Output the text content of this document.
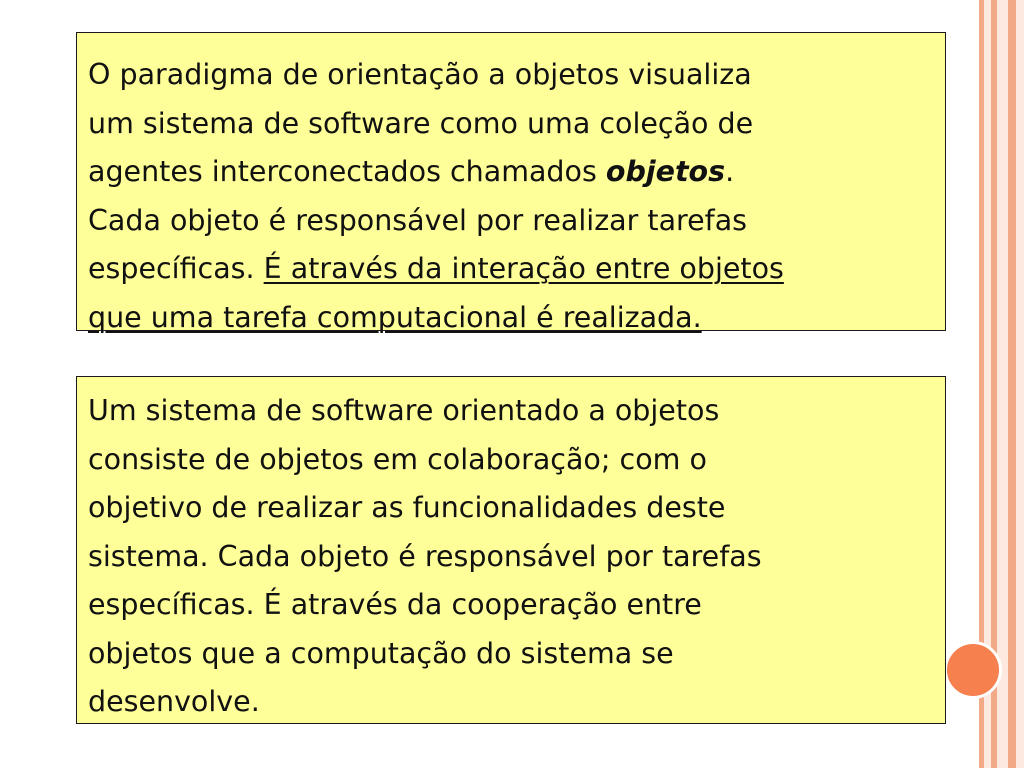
O paradigma de orientação a objetos visualiza
um sistema de software como uma coleção de
agentes interconectados chamados objetos.
Cada objeto é responsável por realizar tarefas
específicas. É através da interação entre objetos
que uma tarefa computacional é realizada.
Um sistema de software orientado a objetos
consiste de objetos em colaboração; com o
objetivo de realizar as funcionalidades deste
sistema. Cada objeto é responsável por tarefas
específicas. É através da cooperação entre
objetos que a computação do sistema se
desenvolve.
